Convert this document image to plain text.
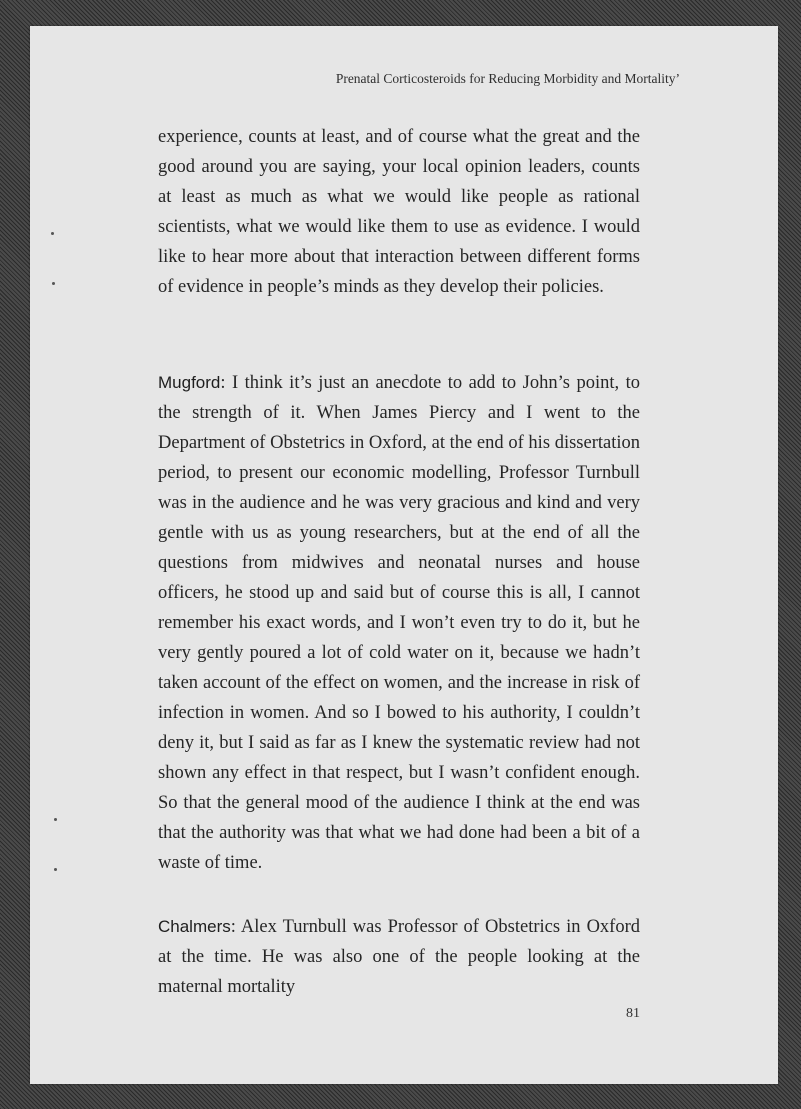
Prenatal Corticosteroids for Reducing Morbidity and Mortality’

experience, counts at least, and of course what the great and the good around you are saying, your local opinion leaders, counts at least as much as what we would like people as rational scientists, what we would like them to use as evidence. I would like to hear more about that interaction between different forms of evidence in people’s minds as they develop their policies.

Mugford: I think it’s just an anecdote to add to John’s point, to the strength of it. When James Piercy and I went to the Department of Obstetrics in Oxford, at the end of his dissertation period, to present our economic modelling, Professor Turnbull was in the audience and he was very gracious and kind and very gentle with us as young researchers, but at the end of all the questions from midwives and neonatal nurses and house officers, he stood up and said but of course this is all, I cannot remember his exact words, and I won’t even try to do it, but he very gently poured a lot of cold water on it, because we hadn’t taken account of the effect on women, and the increase in risk of infection in women. And so I bowed to his authority, I couldn’t deny it, but I said as far as I knew the systematic review had not shown any effect in that respect, but I wasn’t confident enough. So that the general mood of the audience I think at the end was that the authority was that what we had done had been a bit of a waste of time.

Chalmers: Alex Turnbull was Professor of Obstetrics in Oxford at the time. He was also one of the people looking at the maternal mortality

81
